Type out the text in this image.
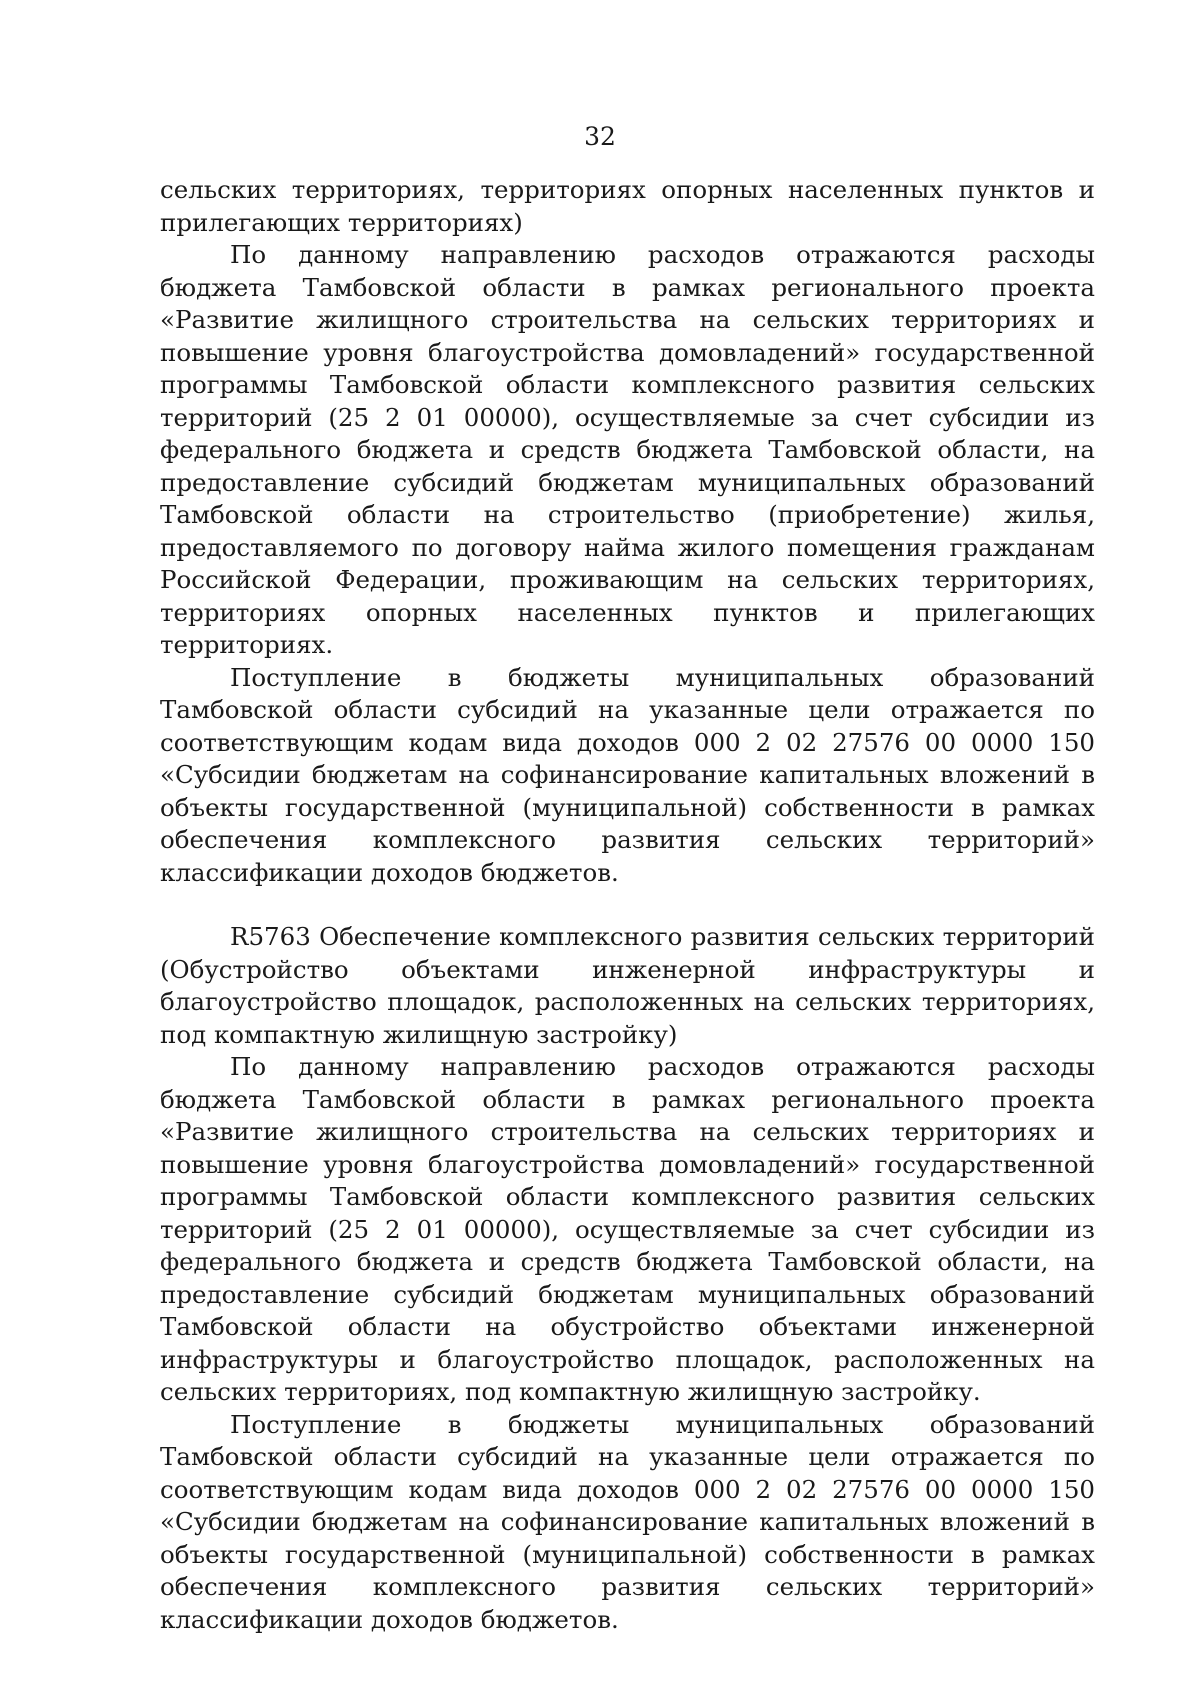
32

сельских территориях, территориях опорных населенных пунктов и прилегающих территориях)

По данному направлению расходов отражаются расходы бюджета Тамбовской области в рамках регионального проекта «Развитие жилищного строительства на сельских территориях и повышение уровня благоустройства домовладений» государственной программы Тамбовской области комплексного развития сельских территорий (25 2 01 00000), осуществляемые за счет субсидии из федерального бюджета и средств бюджета Тамбовской области, на предоставление субсидий бюджетам муниципальных образований Тамбовской области на строительство (приобретение) жилья, предоставляемого по договору найма жилого помещения гражданам Российской Федерации, проживающим на сельских территориях, территориях опорных населенных пунктов и прилегающих территориях.

Поступление в бюджеты муниципальных образований Тамбовской области субсидий на указанные цели отражается по соответствующим кодам вида доходов 000 2 02 27576 00 0000 150 «Субсидии бюджетам на софинансирование капитальных вложений в объекты государственной (муниципальной) собственности в рамках обеспечения комплексного развития сельских территорий» классификации доходов бюджетов.

R5763 Обеспечение комплексного развития сельских территорий (Обустройство объектами инженерной инфраструктуры и благоустройство площадок, расположенных на сельских территориях, под компактную жилищную застройку)

По данному направлению расходов отражаются расходы бюджета Тамбовской области в рамках регионального проекта «Развитие жилищного строительства на сельских территориях и повышение уровня благоустройства домовладений» государственной программы Тамбовской области комплексного развития сельских территорий (25 2 01 00000), осуществляемые за счет субсидии из федерального бюджета и средств бюджета Тамбовской области, на предоставление субсидий бюджетам муниципальных образований Тамбовской области на обустройство объектами инженерной инфраструктуры и благоустройство площадок, расположенных на сельских территориях, под компактную жилищную застройку.

Поступление в бюджеты муниципальных образований Тамбовской области субсидий на указанные цели отражается по соответствующим кодам вида доходов 000 2 02 27576 00 0000 150 «Субсидии бюджетам на софинансирование капитальных вложений в объекты государственной (муниципальной) собственности в рамках обеспечения комплексного развития сельских территорий» классификации доходов бюджетов.
